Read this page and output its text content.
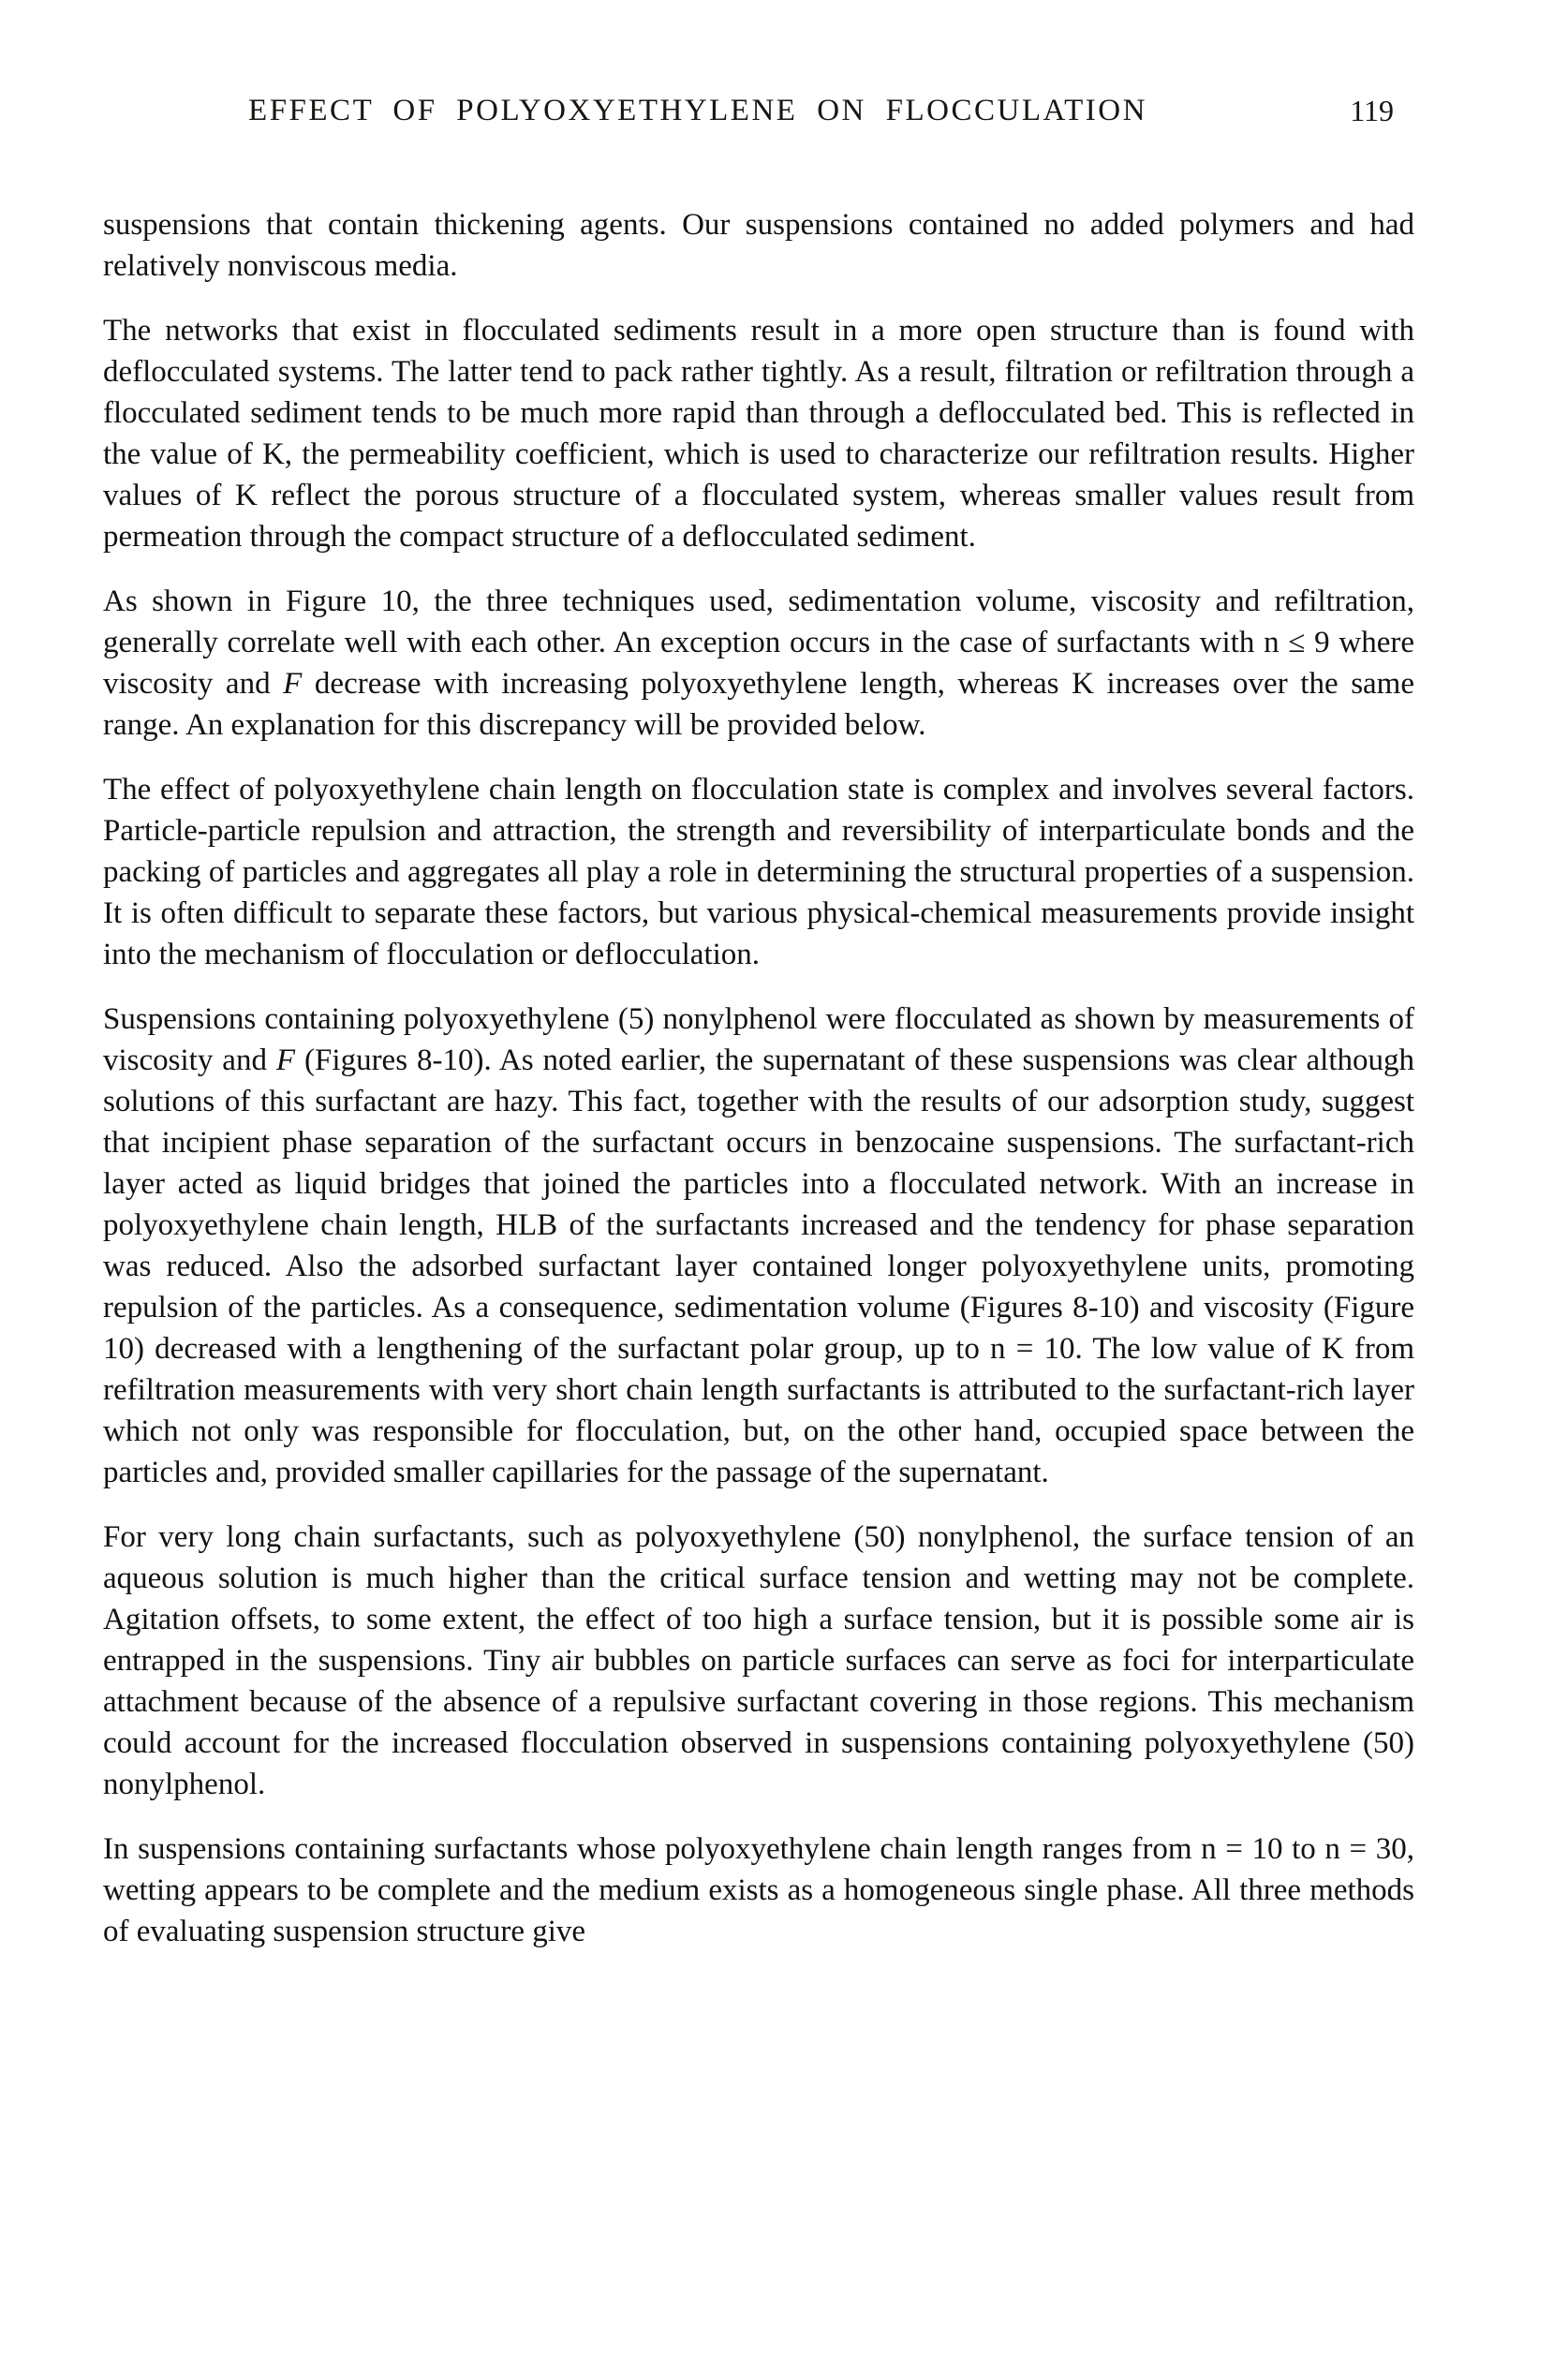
EFFECT OF POLYOXYETHYLENE ON FLOCCULATION	119

suspensions that contain thickening agents. Our suspensions contained no added polymers and had relatively nonviscous media.

The networks that exist in flocculated sediments result in a more open structure than is found with deflocculated systems. The latter tend to pack rather tightly. As a result, filtration or refiltration through a flocculated sediment tends to be much more rapid than through a deflocculated bed. This is reflected in the value of K, the permeability coefficient, which is used to characterize our refiltration results. Higher values of K reflect the porous structure of a flocculated system, whereas smaller values result from permeation through the compact structure of a deflocculated sediment.

As shown in Figure 10, the three techniques used, sedimentation volume, viscosity and refiltration, generally correlate well with each other. An exception occurs in the case of surfactants with n ≤ 9 where viscosity and F decrease with increasing polyoxyethylene length, whereas K increases over the same range. An explanation for this discrepancy will be provided below.

The effect of polyoxyethylene chain length on flocculation state is complex and involves several factors. Particle-particle repulsion and attraction, the strength and reversibility of interparticulate bonds and the packing of particles and aggregates all play a role in determining the structural properties of a suspension. It is often difficult to separate these factors, but various physical-chemical measurements provide insight into the mechanism of flocculation or deflocculation.

Suspensions containing polyoxyethylene (5) nonylphenol were flocculated as shown by measurements of viscosity and F (Figures 8-10). As noted earlier, the supernatant of these suspensions was clear although solutions of this surfactant are hazy. This fact, together with the results of our adsorption study, suggest that incipient phase separation of the surfactant occurs in benzocaine suspensions. The surfactant-rich layer acted as liquid bridges that joined the particles into a flocculated network. With an increase in polyoxyethylene chain length, HLB of the surfactants increased and the tendency for phase separation was reduced. Also the adsorbed surfactant layer contained longer polyoxyethylene units, promoting repulsion of the particles. As a consequence, sedimentation volume (Figures 8-10) and viscosity (Figure 10) decreased with a lengthening of the surfactant polar group, up to n = 10. The low value of K from refiltration measurements with very short chain length surfactants is attributed to the surfactant-rich layer which not only was responsible for flocculation, but, on the other hand, occupied space between the particles and, provided smaller capillaries for the passage of the supernatant.

For very long chain surfactants, such as polyoxyethylene (50) nonylphenol, the surface tension of an aqueous solution is much higher than the critical surface tension and wetting may not be complete. Agitation offsets, to some extent, the effect of too high a surface tension, but it is possible some air is entrapped in the suspensions. Tiny air bubbles on particle surfaces can serve as foci for interparticulate attachment because of the absence of a repulsive surfactant covering in those regions. This mechanism could account for the increased flocculation observed in suspensions containing polyoxyethylene (50) nonylphenol.

In suspensions containing surfactants whose polyoxyethylene chain length ranges from n = 10 to n = 30, wetting appears to be complete and the medium exists as a homogeneous single phase. All three methods of evaluating suspension structure give
